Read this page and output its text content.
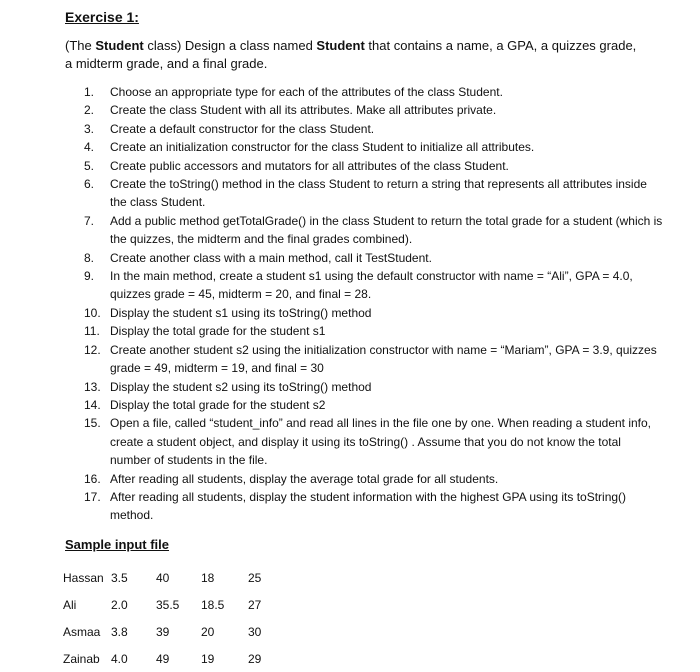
Exercise 1:
(The Student class) Design a class named Student that contains a name, a GPA, a quizzes grade, a midterm grade, and a final grade.
1.	Choose an appropriate type for each of the attributes of the class Student.
2.	Create the class Student with all its attributes. Make all attributes private.
3.	Create a default constructor for the class Student.
4.	Create an initialization constructor for the class Student to initialize all attributes.
5.	Create public accessors and mutators for all attributes of the class Student.
6.	Create the toString() method in the class Student to return a string that represents all attributes inside the class Student.
7.	Add a public method getTotalGrade() in the class Student to return the total grade for a student (which is the quizzes, the midterm and the final grades combined).
8.	Create another class with a main method, call it TestStudent.
9.	In the main method, create a student s1 using the default constructor with name = “Ali”, GPA = 4.0, quizzes grade = 45, midterm = 20, and final = 28.
10. Display the student s1 using its toString() method
11. Display the total grade for the student s1
12. Create another student s2 using the initialization constructor with name = “Mariam”, GPA = 3.9, quizzes grade = 49, midterm = 19, and final = 30
13. Display the student s2 using its toString() method
14. Display the total grade for the student s2
15. Open a file, called “student_info” and read all lines in the file one by one. When reading a student info, create a student object, and display it using its toString() . Assume that you do not know the total number of students in the file.
16. After reading all students, display the average total grade for all students.
17. After reading all students, display the student information with the highest GPA using its toString() method.
Sample input file
Hassan	3.5	40	18	25
Ali	2.0	35.5	18.5	27
Asmaa	3.8	39	20	30
Zainab	4.0	49	19	29
